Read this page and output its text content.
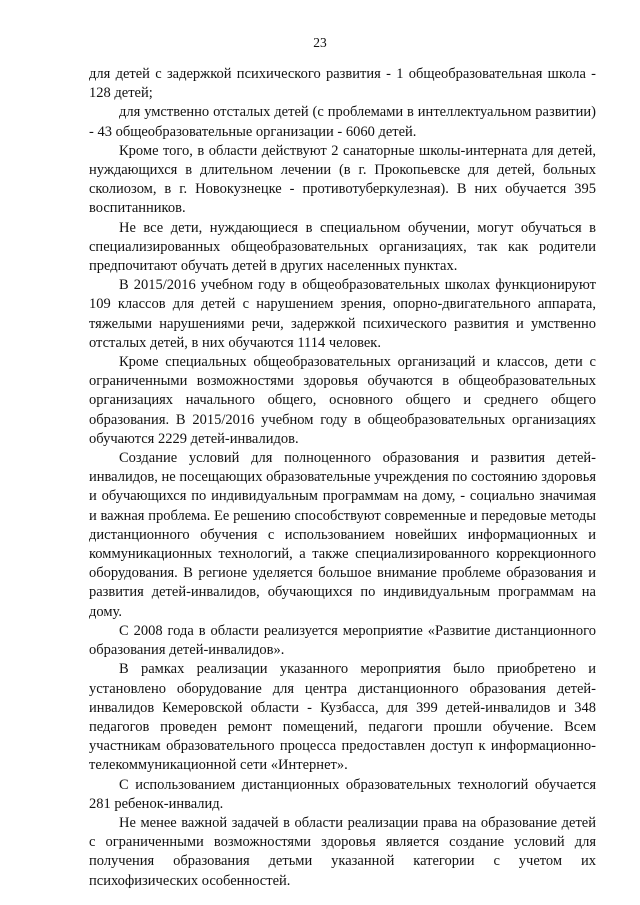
23

для детей с задержкой психического развития - 1 общеобразовательная школа - 128 детей;

для умственно отсталых детей (с проблемами в интеллектуальном развитии) - 43 общеобразовательные организации - 6060 детей.

Кроме того, в области действуют 2 санаторные школы-интерната для детей, нуждающихся в длительном лечении (в г. Прокопьевске для детей, больных сколиозом, в г. Новокузнецке - противотуберкулезная). В них обучается 395 воспитанников.

Не все дети, нуждающиеся в специальном обучении, могут обучаться в специализированных общеобразовательных организациях, так как родители предпочитают обучать детей в других населенных пунктах.

В 2015/2016 учебном году в общеобразовательных школах функционируют 109 классов для детей с нарушением зрения, опорно-двигательного аппарата, тяжелыми нарушениями речи, задержкой психического развития и умственно отсталых детей, в них обучаются 1114 человек.

Кроме специальных общеобразовательных организаций и классов, дети с ограниченными возможностями здоровья обучаются в общеобразовательных организациях начального общего, основного общего и среднего общего образования. В 2015/2016 учебном году в общеобразовательных организациях обучаются 2229 детей-инвалидов.

Создание условий для полноценного образования и развития детей-инвалидов, не посещающих образовательные учреждения по состоянию здоровья и обучающихся по индивидуальным программам на дому, - социально значимая и важная проблема. Ее решению способствуют современные и передовые методы дистанционного обучения с использованием новейших информационных и коммуникационных технологий, а также специализированного коррекционного оборудования. В регионе уделяется большое внимание проблеме образования и развития детей-инвалидов, обучающихся по индивидуальным программам на дому.

С 2008 года в области реализуется мероприятие «Развитие дистанционного образования детей-инвалидов».

В рамках реализации указанного мероприятия было приобретено и установлено оборудование для центра дистанционного образования детей-инвалидов Кемеровской области - Кузбасса, для 399 детей-инвалидов и 348 педагогов проведен ремонт помещений, педагоги прошли обучение. Всем участникам образовательного процесса предоставлен доступ к информационно-телекоммуникационной сети «Интернет».

С использованием дистанционных образовательных технологий обучается 281 ребенок-инвалид.

Не менее важной задачей в области реализации права на образование детей с ограниченными возможностями здоровья является создание условий для получения образования детьми указанной категории с учетом их психофизических особенностей.
